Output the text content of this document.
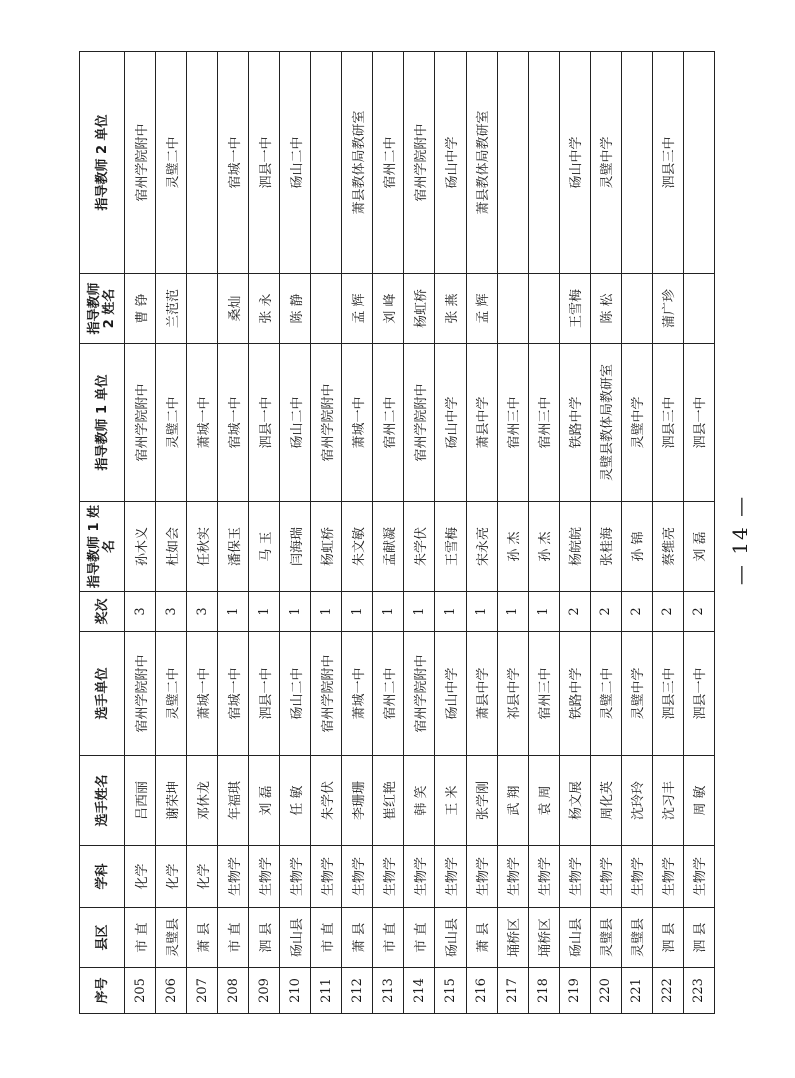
序号	县区	学科	选手姓名	选手单位	奖次	指导教师 1 姓名	指导教师 1 单位	指导教师 2 姓名	指导教师 2 单位
205	市 直	化学	吕西丽	宿州学院附中	3	孙木义	宿州学院附中	曹 铮	宿州学院附中
206	灵璧县	化学	谢荣坤	灵璧二中	3	杜如会	灵璧二中	兰范范	灵璧二中
207	萧 县	化学	邓休龙	萧城一中	3	任秋实	萧城一中		
208	市 直	生物学	年福琪	宿城一中	1	潘保玉	宿城一中	桑灿	宿城一中
209	泗 县	生物学	刘 磊	泗县一中	1	马 玉	泗县一中	张 永	泗县一中
210	砀山县	生物学	任 敏	砀山二中	1	闫海瑞	砀山二中	陈 静	砀山二中
211	市 直	生物学	朱学伏	宿州学院附中	1	杨虹桥	宿州学院附中		
212	萧 县	生物学	李珊珊	萧城一中	1	朱文敏	萧城一中	孟 辉	萧县教体局教研室
213	市 直	生物学	崔红艳	宿州二中	1	孟献凝	宿州二中	刘 峰	宿州二中
214	市 直	生物学	韩 笑	宿州学院附中	1	朱学伏	宿州学院附中	杨虹桥	宿州学院附中
215	砀山县	生物学	王 米	砀山中学	1	王雪梅	砀山中学	张 燕	砀山中学
216	萧 县	生物学	张学刚	萧县中学	1	宋永亮	萧县中学	孟 辉	萧县教体局教研室
217	埇桥区	生物学	武 翔	祁县中学	1	孙 杰	宿州三中		
218	埇桥区	生物学	袁 周	宿州三中	1	孙 杰	宿州三中		
219	砀山县	生物学	杨文展	铁路中学	2	杨皖皖	铁路中学	王雪梅	砀山中学
220	灵璧县	生物学	周化英	灵璧二中	2	张桂海	灵璧县教体局教研室	陈 松	灵璧中学
221	灵璧县	生物学	沈玲玲	灵璧中学	2	孙 锦	灵璧中学		
222	泗 县	生物学	沈习丰	泗县三中	2	蔡维亮	泗县三中	蒲广珍	泗县三中
223	泗 县	生物学	周 敏	泗县一中	2	刘 磊	泗县一中		
— 14 —
